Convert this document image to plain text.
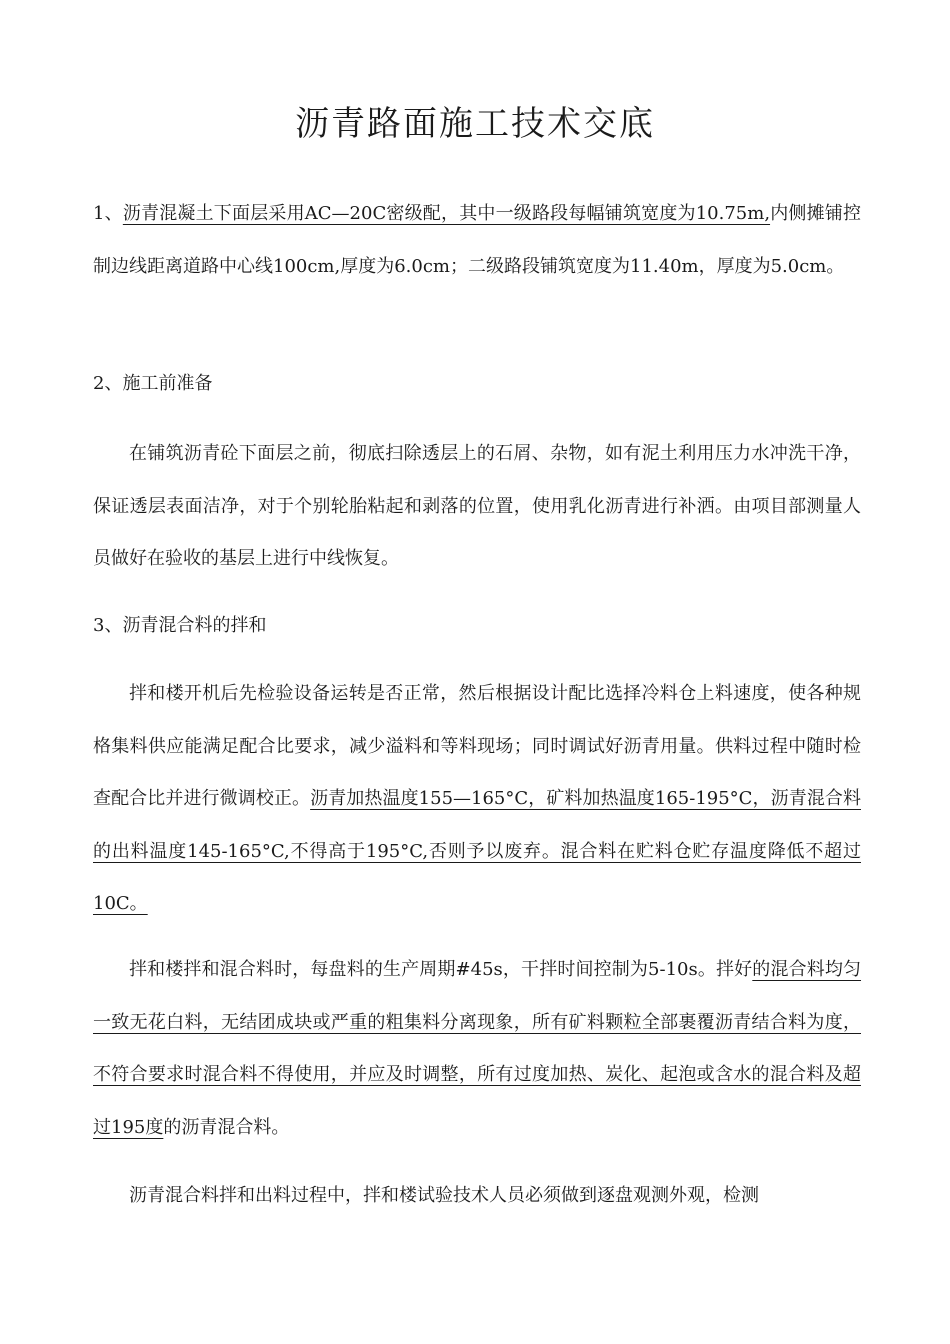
沥青路面施工技术交底

1、沥青混凝土下面层采用AC—20C密级配，其中一级路段每幅铺筑宽度为10.75m,内侧摊铺控制边线距离道路中心线100cm,厚度为6.0cm；二级路段铺筑宽度为11.40m，厚度为5.0cm。

2、施工前准备

在铺筑沥青砼下面层之前，彻底扫除透层上的石屑、杂物，如有泥土利用压力水冲洗干净，保证透层表面洁净，对于个别轮胎粘起和剥落的位置，使用乳化沥青进行补洒。由项目部测量人员做好在验收的基层上进行中线恢复。

3、沥青混合料的拌和

拌和楼开机后先检验设备运转是否正常，然后根据设计配比选择冷料仓上料速度，使各种规格集料供应能满足配合比要求，减少溢料和等料现场；同时调试好沥青用量。供料过程中随时检查配合比并进行微调校正。沥青加热温度155—165°C，矿料加热温度165-195°C，沥青混合料的出料温度145-165°C,不得高于195°C,否则予以废弃。混合料在贮料仓贮存温度降低不超过10C。

拌和楼拌和混合料时，每盘料的生产周期#45s，干拌时间控制为5-10s。拌好的混合料均匀一致无花白料，无结团成块或严重的粗集料分离现象，所有矿料颗粒全部裹覆沥青结合料为度，不符合要求时混合料不得使用，并应及时调整，所有过度加热、炭化、起泡或含水的混合料及超过195度的沥青混合料。

沥青混合料拌和出料过程中，拌和楼试验技术人员必须做到逐盘观测外观，检测
